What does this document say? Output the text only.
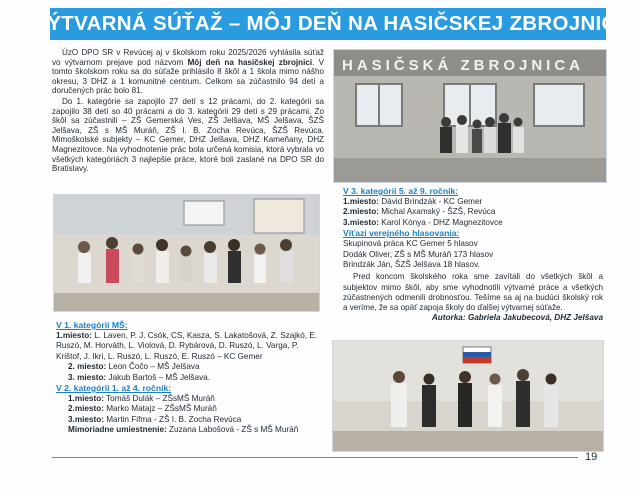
VÝTVARNÁ SÚŤAŽ – MÔJ DEŇ NA HASIČSKEJ ZBROJNICI

ÚzO DPO SR v Revúcej aj v školskom roku 2025/2026 vyhlásila súťaž vo výtvarnom prejave pod názvom Môj deň na hasičskej zbrojnici. V tomto školskom roku sa do súťaže prihlásilo 8 škôl a 1 škola mimo nášho okresu, 3 DHZ a 1 komunitné centrum. Celkom sa zúčastnilo 94 detí a doručených prác bolo 81.

Do 1. kategórie sa zapojilo 27 detí s 12 prácami, do 2. kategórii sa zapojilo 38 detí so 40 prácami a do 3. kategórii 29 detí s 29 prácami. Zo škôl sa zúčastnili – ZŠ Gemerská Ves, ZŠ Jelšava, MŠ Jelšava, ŠZŠ Jelšava, ZŠ s MŠ Muráň, ZŠ I. B. Zocha Revúca, ŠZŠ Revúca. Mimoškolské subjekty – KC Gemer, DHZ Jelšava, DHZ Kameňany, DHZ Magnezitovce. Na vyhodnotenie prác bola určená komisia, ktorá vybrala vo všetkých kategóriách 3 najlepšie práce, ktoré boli zaslané na DPO SR do Bratislavy.

HASIČSKÁ ZBROJNICA

V 1. kategórii MŠ:

1.miesto: L. Laven, P. J. Csók, CS, Kasza, S. Lakatošová, Z. Szajkó, E. Ruszó, M. Horváth, L. Violová, D. Rybárová, D. Ruszó, L. Varga, P. Krištof, J. Ikri, L. Ruszó, L. Ruszó, E. Ruszó – KC Gemer

2. miesto: Leon Čočo – MŠ Jelšava

3. miesto: Jakub Bartoš – MŠ Jelšava.

V 2. kategórii 1. až 4. ročník:

1.miesto: Tomáš Dulák – ZŠsMŠ Muráň

2.miesto: Marko Matajz – ZŠsMŠ Muráň

3.miesto: Martin Fifma - ZŠ I. B. Zocha Revúca

Mimoriadne umiestnenie: Zuzana Labošová - ZŠ s MŠ Muráň

V 3. kategórii 5. až 9. ročník:

1.miesto: Dávid Brindzák - KC Gemer

2.miesto: Michal Axamský - ŠZŠ, Revúca

3.miesto: Karol Kónya - DHZ Magnezitovce

Víťazi verejného hlasovania:

Skupinová práca KC Gemer 5 hlasov

Dodák Oliver, ZŠ s MŠ Muráň 173 hlasov

Brindzák Ján, ŠZŠ Jelšava 18 hlasov.

Pred koncom školského roka sme zavítali do všetkých škôl a subjektov mimo škôl, aby sme vyhodnotili výtvarné práce a všetkých zúčastnených odmenili drobnosťou. Tešíme sa aj na budúci školský rok a veríme, že sa opäť zapoja školy do ďalšej výtvarnej súťaže.

Autorka: Gabriela Jakubecová, DHZ Jelšava

19
